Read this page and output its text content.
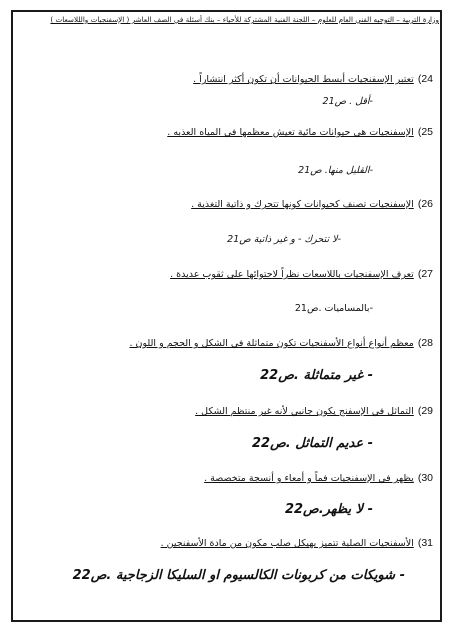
وزارة التربية – التوجيه الفني العام للعلوم – اللجنة الفنية المشتركة للأحياء – بنك أسئلة في الصف العاشر ( الإسفنجيات والللاسعات )
24)تعتبر الإسفنجيات أبسط الحيوانات أن تكون أكثر انتشاراً .
-أقل . ص21
25)الإسفنجيات هي حيوانات مائية تعيش معظمها في المياه العذبه .
-القليل منها. ص21
26)الإسفنجيات تصنف كحيوانات كونها تتحرك و ذاتية التغذية .
-لا تتحرك - و غير ذاتية ص21
27)تعرف الإسفنجيات باللاسعات نظراً لاحتوائها على ثقوب عديدة .
-بالمساميات .ص21
28)معظم أنواع أنواع الأسفنجيات تكون متماثلة في الشكل و الحجم و اللون .
- غير متماثلة .ص22
29)التماثل في الإسفنج يكون جانبي لأنه غير منتظم الشكل .
- عديم التماثل .ص22
30)يظهر في الإسفنجيات فماً و أمعاء و أنسجة متخصصة .
- لا يظهر.ص22
31)الأسفنجيات الصلبة تتميز بهيكل صلب مكون من مادة الأسفنجين .
- شويكات من كربونات الكالسيوم او السليكا الزجاجية .ص22
